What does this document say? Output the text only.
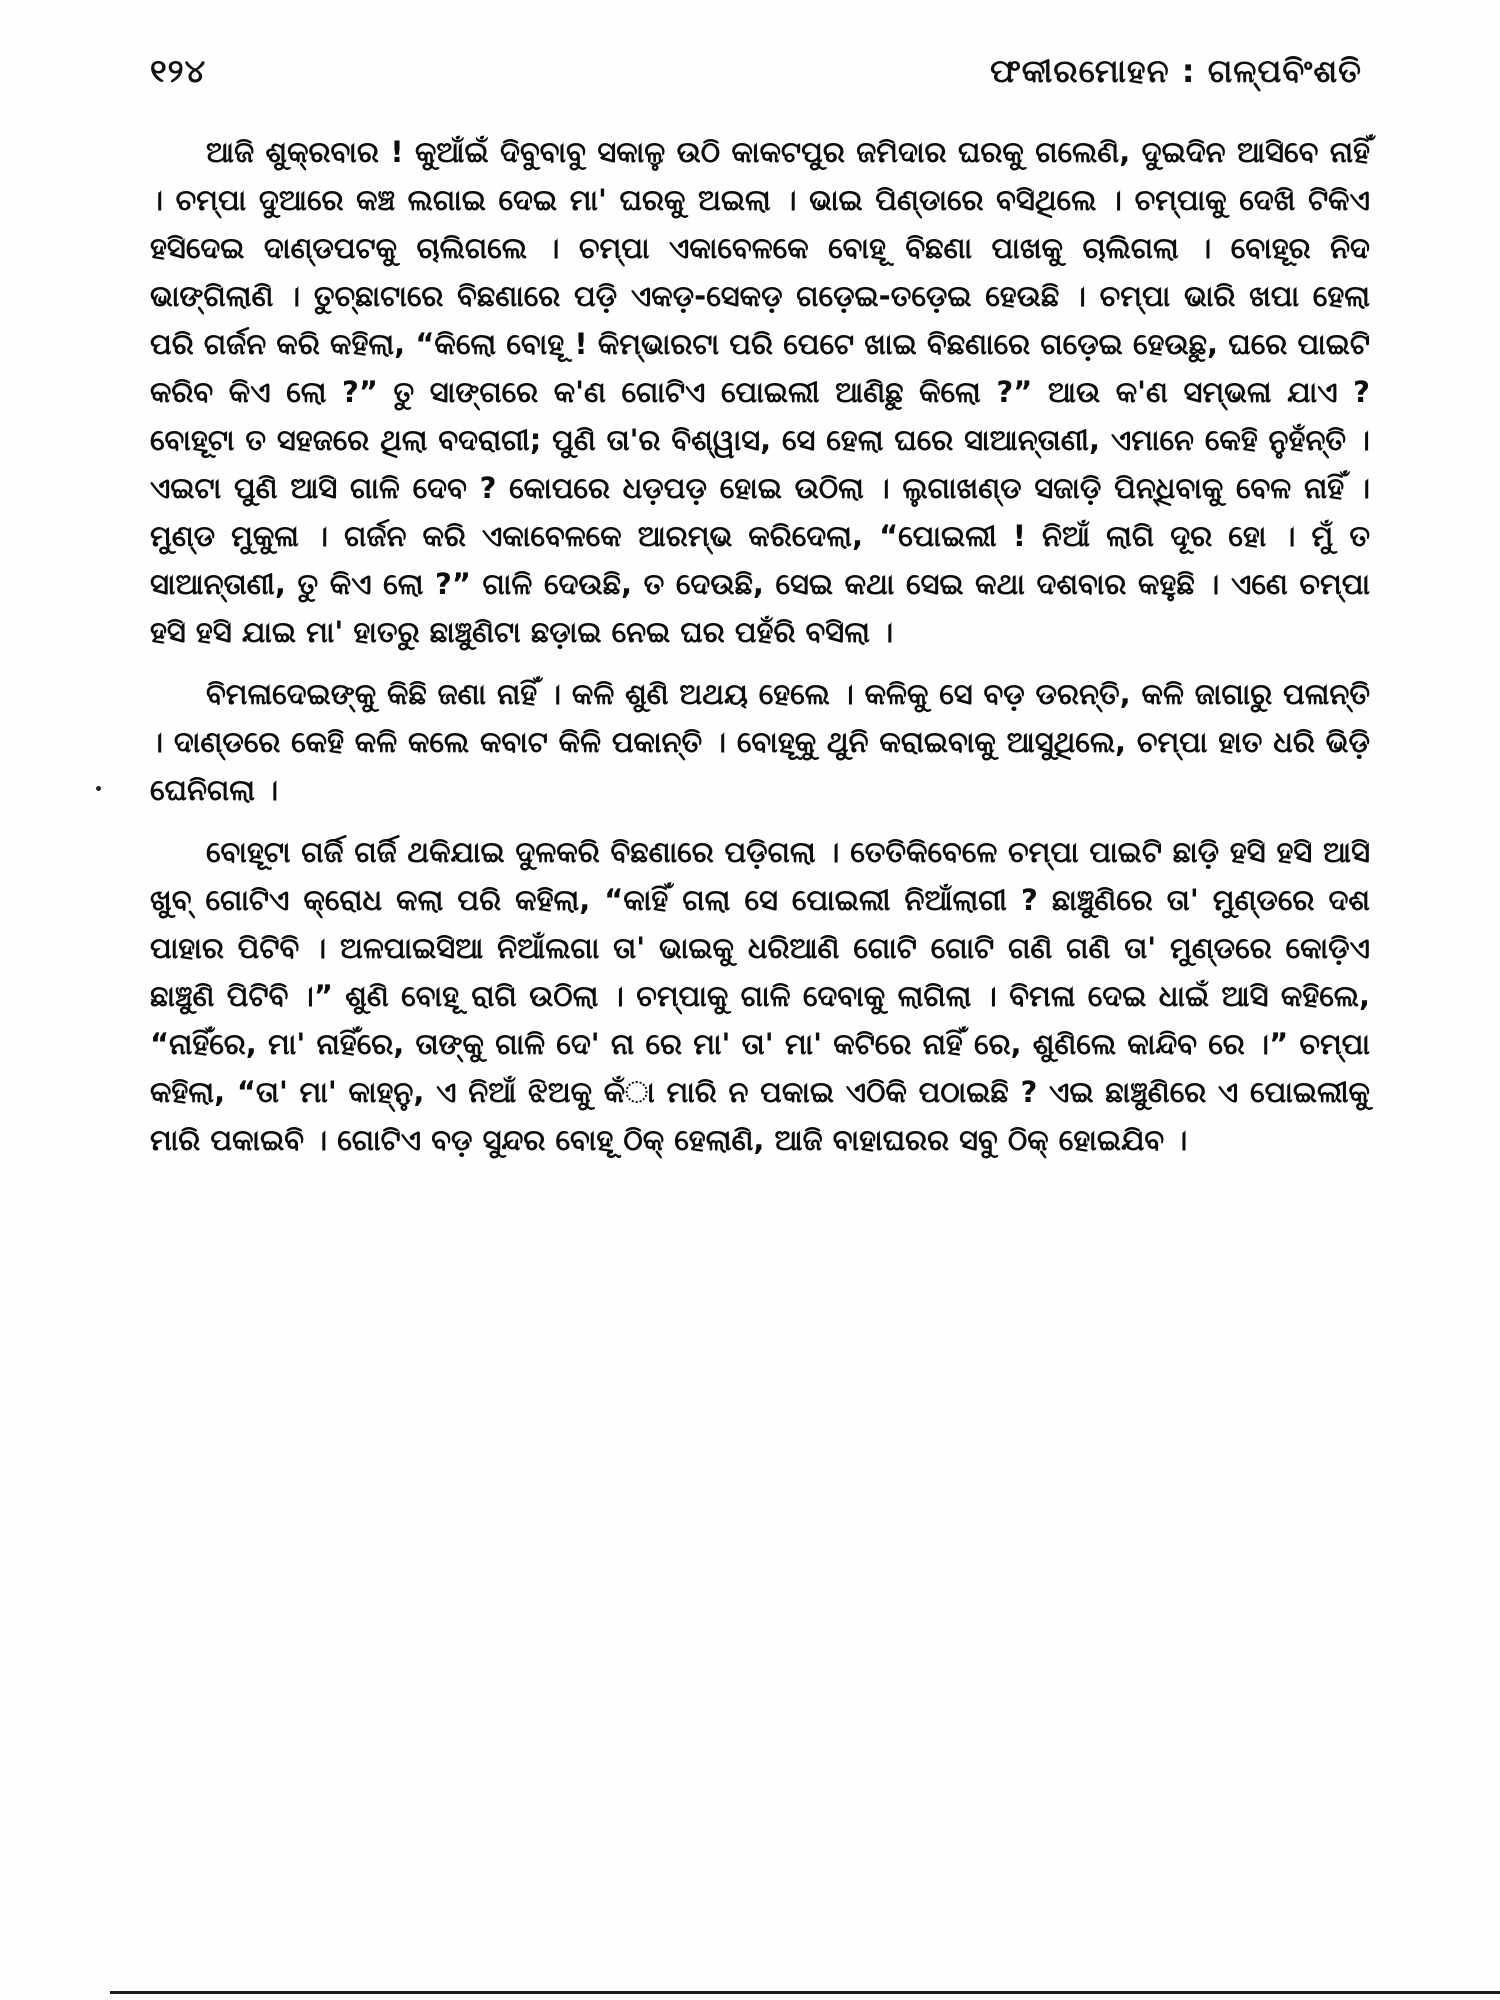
୧୨୪	ଫକୀରମୋହନ : ଗଳ୍ପବିଂଶତି

ଆଜି ଶୁକ୍ରବାର ! କୁଆଁଇଁ ଦିବୁବାବୁ ସକାଳୁ ଉଠି କାକଟପୁର ଜମିଦାର ଘରକୁ ଗଲେଣି, ଦୁଇଦିନ ଆସିବେ ନାହିଁ । ଚମ୍ପା ଦୁଆରେ କଞ୍ଚ ଲଗାଇ ଦେଇ ମା' ଘରକୁ ଅଇଲା । ଭାଇ ପିଣ୍ଡାରେ ବସିଥିଲେ । ଚମ୍ପାକୁ ଦେଖି ଟିକିଏ ହସିଦେଇ ଦାଣ୍ଡପଟକୁ ଚାଲିଗଲେ । ଚମ୍ପା ଏକାବେଳକେ ବୋହୂ ବିଛଣା ପାଖକୁ ଚାଲିଗଲା । ବୋହୂର ନିଦ ଭାଙ୍ଗିଲାଣି । ତୁଚ୍ଛାଟାରେ ବିଛଣାରେ ପଡ଼ି ଏକଡ଼-ସେକଡ଼ ଗଡ଼େଇ-ତଡ଼େଇ ହେଉଛି । ଚମ୍ପା ଭାରି ଖପା ହେଲା ପରି ଗର୍ଜନ କରି କହିଲା, “କିଲୋ ବୋହୂ ! କିମ୍ଭାରଟା ପରି ପେଟେ ଖାଇ ବିଛଣାରେ ଗଡ଼େଇ ହେଉଛୁ, ଘରେ ପାଇଟି କରିବ କିଏ ଲୋ ?” ତୁ ସାଙ୍ଗରେ କ'ଣ ଗୋଟିଏ ପୋଇଲୀ ଆଣିଛୁ କିଲୋ ?” ଆଉ କ'ଣ ସମ୍ଭଳା ଯାଏ ? ବୋହୂଟା ତ ସହଜରେ ଥିଲା ବଦରାଗୀ; ପୁଣି ତା'ର ବିଶ୍ୱାସ, ସେ ହେଲା ଘରେ ସାଆନ୍ତାଣୀ, ଏମାନେ କେହି ନୁହଁନ୍ତି । ଏଇଟା ପୁଣି ଆସି ଗାଳି ଦେବ ? କୋପରେ ଧଡ଼ପଡ଼ ହୋଇ ଉଠିଲା । ଲୁଗାଖଣ୍ଡ ସଜାଡ଼ି ପିନ୍ଧିବାକୁ ବେଳ ନାହିଁ । ମୁଣ୍ଡ ମୁକୁଳା । ଗର୍ଜନ କରି ଏକାବେଳକେ ଆରମ୍ଭ କରିଦେଲା, “ପୋଇଲୀ ! ନିଆଁ ଲାଗି ଦୂର ହୋ । ମୁଁ ତ ସାଆନ୍ତାଣୀ, ତୁ କିଏ ଲୋ ?” ଗାଳି ଦେଉଛି, ତ ଦେଉଛି, ସେଇ କଥା ସେଇ କଥା ଦଶବାର କହୁଛି । ଏଣେ ଚମ୍ପା ହସି ହସି ଯାଇ ମା' ହାତରୁ ଛାଞ୍ଚୁଣିଟା ଛଡ଼ାଇ ନେଇ ଘର ପହଁରି ବସିଲା ।

ବିମଳାଦେଇଙ୍କୁ କିଛି ଜଣା ନାହିଁ । କଳି ଶୁଣି ଅଥୟ ହେଲେ । କଳିକୁ ସେ ବଡ଼ ଡରନ୍ତି, କଳି ଜାଗାରୁ ପଳାନ୍ତି । ଦାଣ୍ଡରେ କେହି କଳି କଲେ କବାଟ କିଳି ପକାନ୍ତି । ବୋହୂକୁ ଥୁନି କରାଇବାକୁ ଆସୁଥିଲେ, ଚମ୍ପା ହାତ ଧରି ଭିଡ଼ି ଘେନିଗଲା ।

ବୋହୂଟା ଗର୍ଜି ଗର୍ଜି ଥକିଯାଇ ଦୁଳକରି ବିଛଣାରେ ପଡ଼ିଗଲା । ତେତିକିବେଳେ ଚମ୍ପା ପାଇଟି ଛାଡ଼ି ହସି ହସି ଆସି ଖୁବ୍ ଗୋଟିଏ କ୍ରୋଧ କଲା ପରି କହିଲା, “କାହିଁ ଗଲା ସେ ପୋଇଲୀ ନିଆଁଲାଗୀ ? ଛାଞ୍ଚୁଣିରେ ତା' ମୁଣ୍ଡରେ ଦଶ ପାହାର ପିଟିବି । ଅଳପାଇସିଆ ନିଆଁଲଗା ତା' ଭାଇକୁ ଧରିଆଣି ଗୋଟି ଗୋଟି ଗଣି ଗଣି ତା' ମୁଣ୍ଡରେ କୋଡ଼ିଏ ଛାଞ୍ଚୁଣି ପିଟିବି ।” ଶୁଣି ବୋହୂ ରାଗି ଉଠିଲା । ଚମ୍ପାକୁ ଗାଳି ଦେବାକୁ ଲାଗିଲା । ବିମଳା ଦେଇ ଧାଇଁ ଆସି କହିଲେ, “ନାହିଁରେ, ମା' ନାହିଁରେ, ତାଙ୍କୁ ଗାଳି ଦେ' ନା ରେ ମା' ତା' ମା' କଟିରେ ନାହିଁ ରେ, ଶୁଣିଲେ କାନ୍ଦିବ ରେ ।” ଚମ୍ପା କହିଲା, “ତା' ମା' କାହ୍ନୁ, ଏ ନିଆଁ ଝିଅକୁ କଁା ମାରି ନ ପକାଇ ଏଠିକି ପଠାଇଛି ? ଏଇ ଛାଞ୍ଚୁଣିରେ ଏ ପୋଇଲୀକୁ ମାରି ପକାଇବି । ଗୋଟିଏ ବଡ଼ ସୁନ୍ଦର ବୋହୂ ଠିକ୍ ହେଲାଣି, ଆଜି ବାହାଘରର ସବୁ ଠିକ୍ ହୋଇଯିବ ।
